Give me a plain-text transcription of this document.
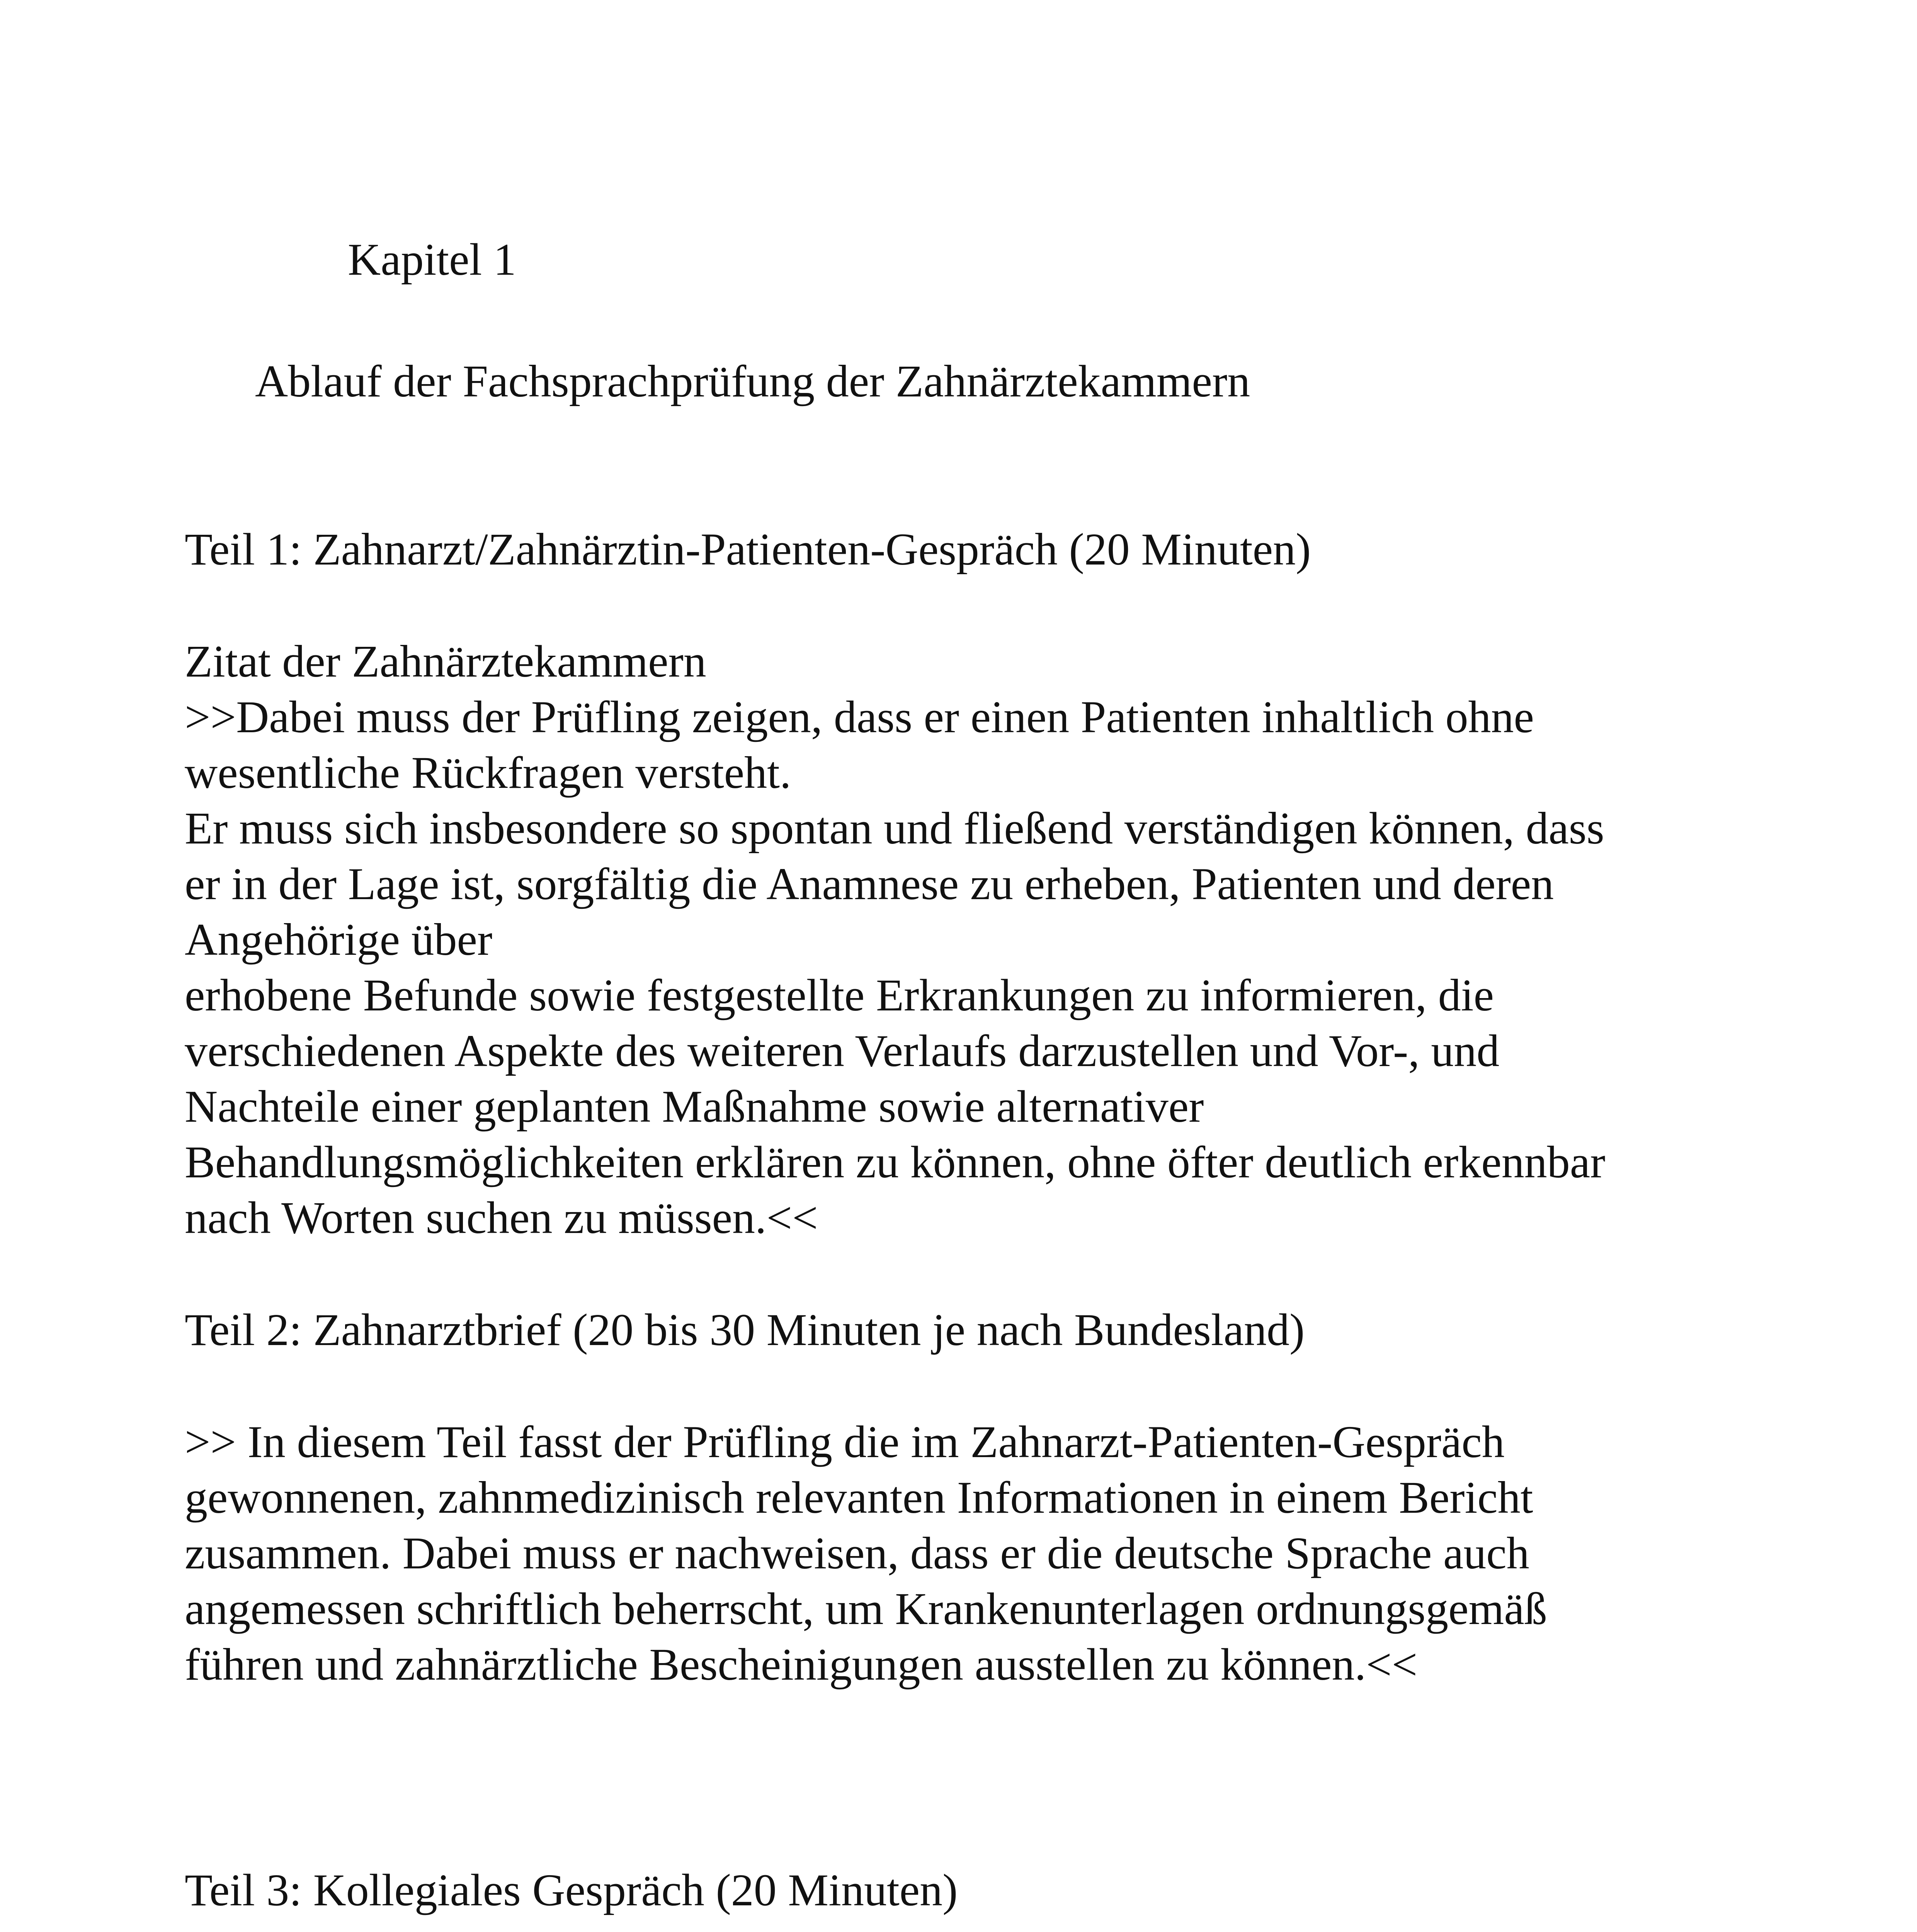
Kapitel 1

Ablauf der Fachsprachprüfung der Zahnärztekammern

Teil 1: Zahnarzt/Zahnärztin-Patienten-Gespräch (20 Minuten)

Zitat der Zahnärztekammern

>>Dabei muss der Prüfling zeigen, dass er einen Patienten inhaltlich ohne

wesentliche Rückfragen versteht.

Er muss sich insbesondere so spontan und fließend verständigen können, dass

er in der Lage ist, sorgfältig die Anamnese zu erheben, Patienten und deren

Angehörige über

erhobene Befunde sowie festgestellte Erkrankungen zu informieren, die

verschiedenen Aspekte des weiteren Verlaufs darzustellen und Vor-, und

Nachteile einer geplanten Maßnahme sowie alternativer

Behandlungsmöglichkeiten erklären zu können, ohne öfter deutlich erkennbar

nach Worten suchen zu müssen.<<

Teil 2: Zahnarztbrief (20 bis 30 Minuten je nach Bundesland)

>> In diesem Teil fasst der Prüfling die im Zahnarzt-Patienten-Gespräch

gewonnenen, zahnmedizinisch relevanten Informationen in einem Bericht

zusammen. Dabei muss er nachweisen, dass er die deutsche Sprache auch

angemessen schriftlich beherrscht, um Krankenunterlagen ordnungsgemäß

führen und zahnärztliche Bescheinigungen ausstellen zu können.<<

Teil 3: Kollegiales Gespräch (20 Minuten)
